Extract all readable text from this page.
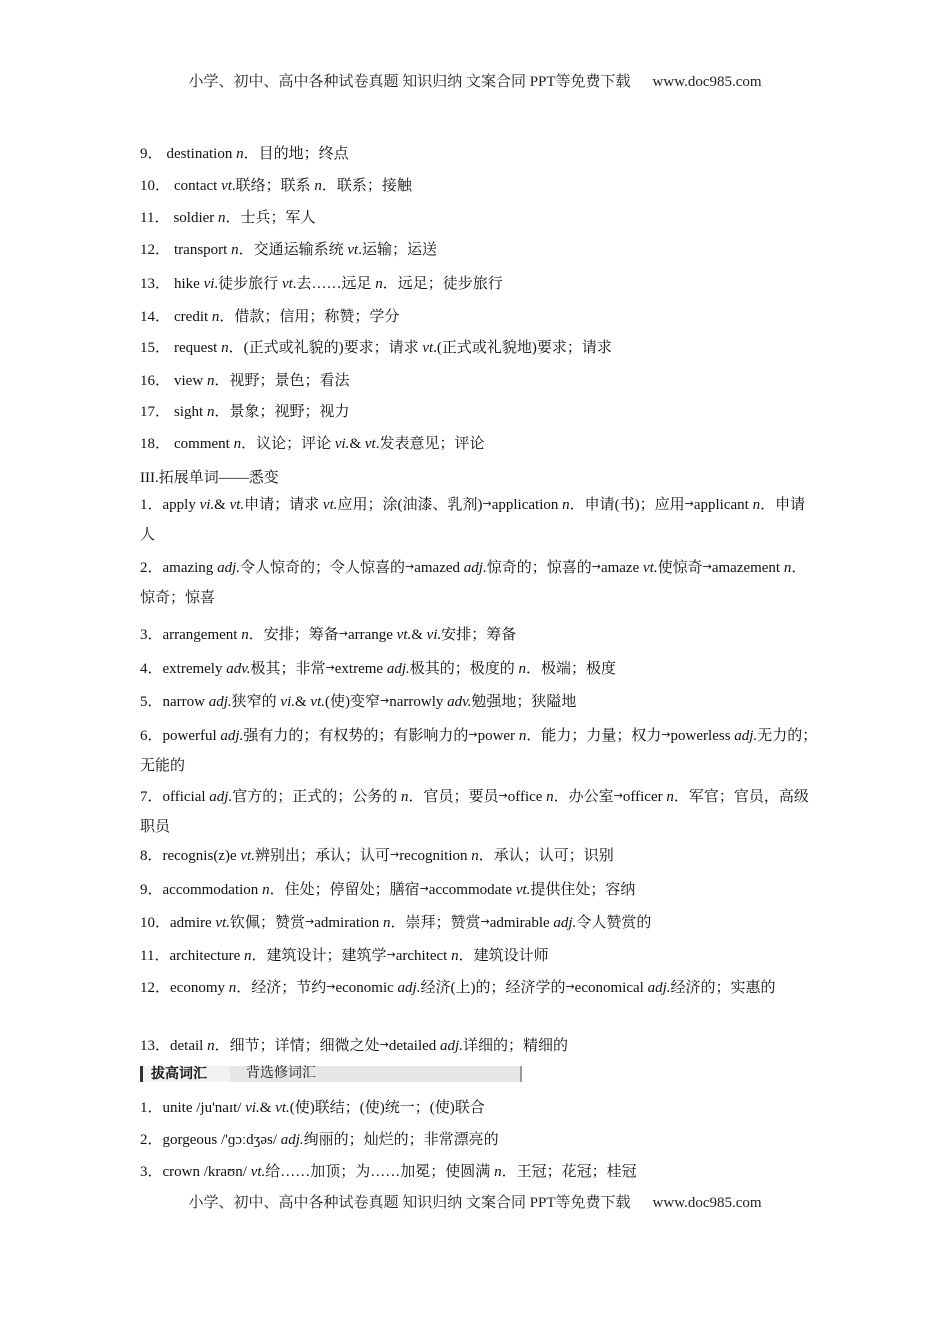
小学、初中、高中各种试卷真题 知识归纳 文案合同 PPT等免费下载 www.doc985.com
9． destination n．目的地；终点
10． contact vt.联络；联系 n．联系；接触
11． soldier n．士兵；军人
12． transport n．交通运输系统 vt.运输；运送
13． hike vi.徒步旅行 vt.去……远足 n．远足；徒步旅行
14． credit n．借款；信用；称赞；学分
15． request n．(正式或礼貌的)要求；请求 vt.(正式或礼貌地)要求；请求
16． view n．视野；景色；看法
17． sight n．景象；视野；视力
18． comment n．议论；评论 vi.& vt.发表意见；评论
III.拓展单词——悉变
1．apply vi.& vt.申请；请求 vt.应用；涂(油漆、乳剂)→application n．申请(书)；应用→applicant n．申请人
2．amazing adj.令人惊奇的；令人惊喜的→amazed adj.惊奇的；惊喜的→amaze vt.使惊奇→amazement n．惊奇；惊喜
3．arrangement n．安排；筹备→arrange vt.& vi.安排；筹备
4．extremely adv.极其；非常→extreme adj.极其的；极度的 n．极端；极度
5．narrow adj.狭窄的 vi.& vt.(使)变窄→narrowly adv.勉强地；狭隘地
6．powerful adj.强有力的；有权势的；有影响力的→power n．能力；力量；权力→powerless adj.无力的；无能的
7．official adj.官方的；正式的；公务的 n．官员；要员→office n．办公室→officer n．军官；官员，高级职员
8．recognis(z)e vt.辨别出；承认；认可→recognition n．承认；认可；识别
9．accommodation n．住处；停留处；膳宿→accommodate vt.提供住处；容纳
10．admire vt.钦佩；赞赏→admiration n．崇拜；赞赏→admirable adj.令人赞赏的
11．architecture n．建筑设计；建筑学→architect n．建筑设计师
12．economy n．经济；节约→economic adj.经济(上)的；经济学的→economical adj.经济的；实惠的
13．detail n．细节；详情；细微之处→detailed adj.详细的；精细的
拔高词汇	背选修词汇
1．unite /ju'naɪt/ vi.& vt.(使)联结；(使)统一；(使)联合
2．gorgeous /'ɡɔːdʒəs/ adj.绚丽的；灿烂的；非常漂亮的
3．crown /kraʊn/ vt.给……加顶；为……加冕；使圆满 n．王冠；花冠；桂冠
小学、初中、高中各种试卷真题 知识归纳 文案合同 PPT等免费下载 www.doc985.com
